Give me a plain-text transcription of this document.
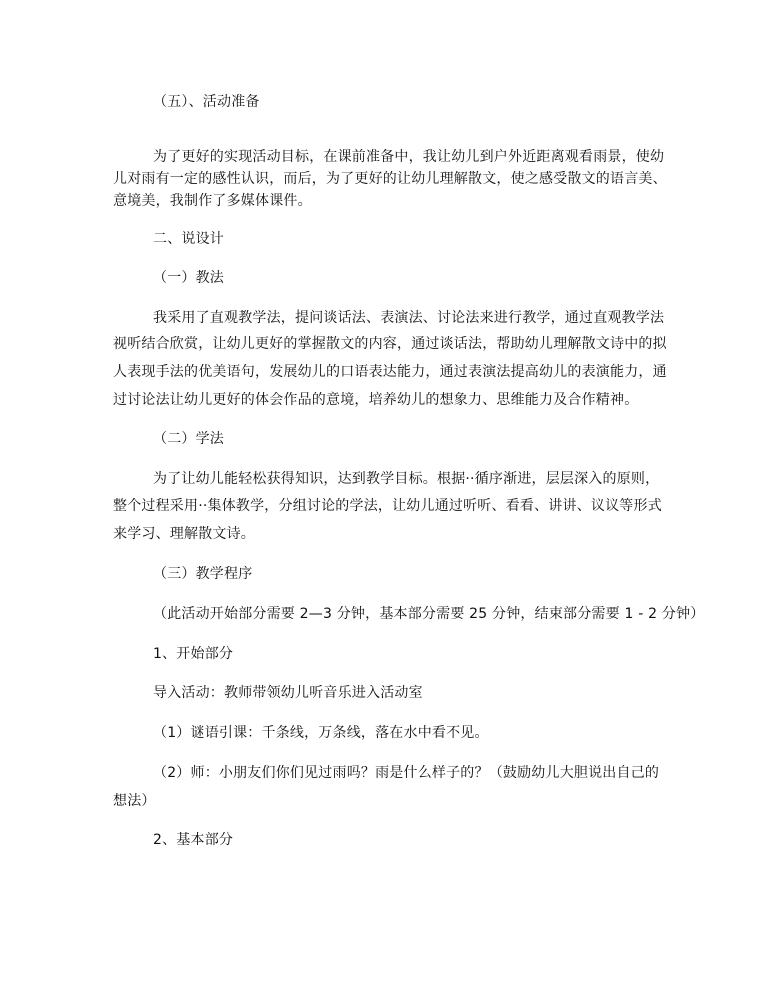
（五）、活动准备
为了更好的实现活动目标，在课前准备中，我让幼儿到户外近距离观看雨景，使幼
儿对雨有一定的感性认识，而后，为了更好的让幼儿理解散文，使之感受散文的语言美、
意境美，我制作了多媒体课件。
二、说设计
（一）教法
我采用了直观教学法，提问谈话法、表演法、讨论法来进行教学，通过直观教学法
视听结合欣赏，让幼儿更好的掌握散文的内容，通过谈话法，帮助幼儿理解散文诗中的拟
人表现手法的优美语句，发展幼儿的口语表达能力，通过表演法提高幼儿的表演能力，通
过讨论法让幼儿更好的体会作品的意境，培养幼儿的想象力、思维能力及合作精神。
（二）学法
为了让幼儿能轻松获得知识，达到教学目标。根据··循序渐进，层层深入的原则，
整个过程采用··集体教学，分组讨论的学法，让幼儿通过听听、看看、讲讲、议议等形式
来学习、理解散文诗。
（三）教学程序
（此活动开始部分需要 2—3 分钟，基本部分需要 25 分钟，结束部分需要 1 - 2 分钟）
1、开始部分
导入活动：教师带领幼儿听音乐进入活动室
（1）谜语引课：千条线，万条线，落在水中看不见。
（2）师：小朋友们你们见过雨吗？雨是什么样子的？（鼓励幼儿大胆说出自己的
想法）
2、基本部分
